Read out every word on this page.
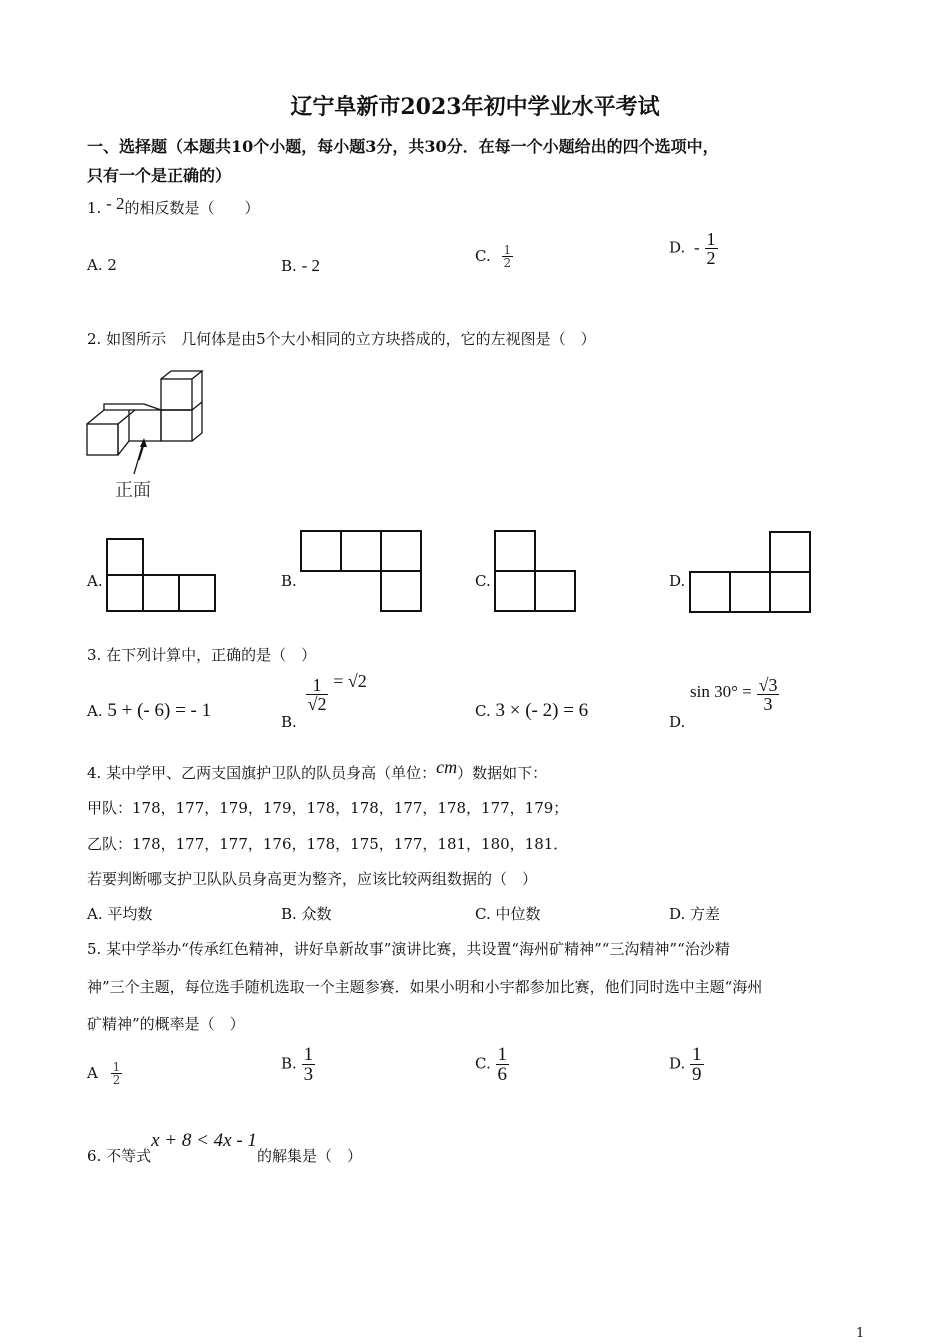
辽宁阜新市2023年初中学业水平考试
一、选择题（本题共10个小题，每小题3分，共30分．在每一个小题给出的四个选项中，
只有一个是正确的）
1. - 2的相反数是（　　）
A. 2	B. - 2
C. $\frac{1}{2}$	D. - $\frac{1}{2}$
2. 如图所示　几何体是由5个大小相同的立方块搭成的，它的左视图是（　）
正面
A.	B.	C.	D.
3. 在下列计算中，正确的是（　）
A. 5 + (- 6) = - 1
B.
$\frac{1}{√2} = √2$
C. 3 × (- 2) = 6
D. $\sin 30^\circ = \frac{√3}{3}$
4. 某中学甲、乙两支国旗护卫队的队员身高（单位：cm）数据如下：
甲队：178，177，179，179，178，178，177，178，177，179；
乙队：178，177，177，176，178，175，177，181，180，181．
若要判断哪支护卫队队员身高更为整齐，应该比较两组数据的（　）
A. 平均数	B. 众数	C. 中位数	D. 方差
5. 某中学举办“传承红色精神，讲好阜新故事”演讲比赛，共设置“海州矿精神”“三沟精神”“治沙精
神”三个主题，每位选手随机选取一个主题参赛．如果小明和小宇都参加比赛，他们同时选中主题“海州
矿精神”的概率是（　）
A $\frac{1}{2}$	B. $\frac{1}{3}$	C. $\frac{1}{6}$	D. $\frac{1}{9}$
6. 不等式x + 8 < 4x - 1的解集是（　）
1
